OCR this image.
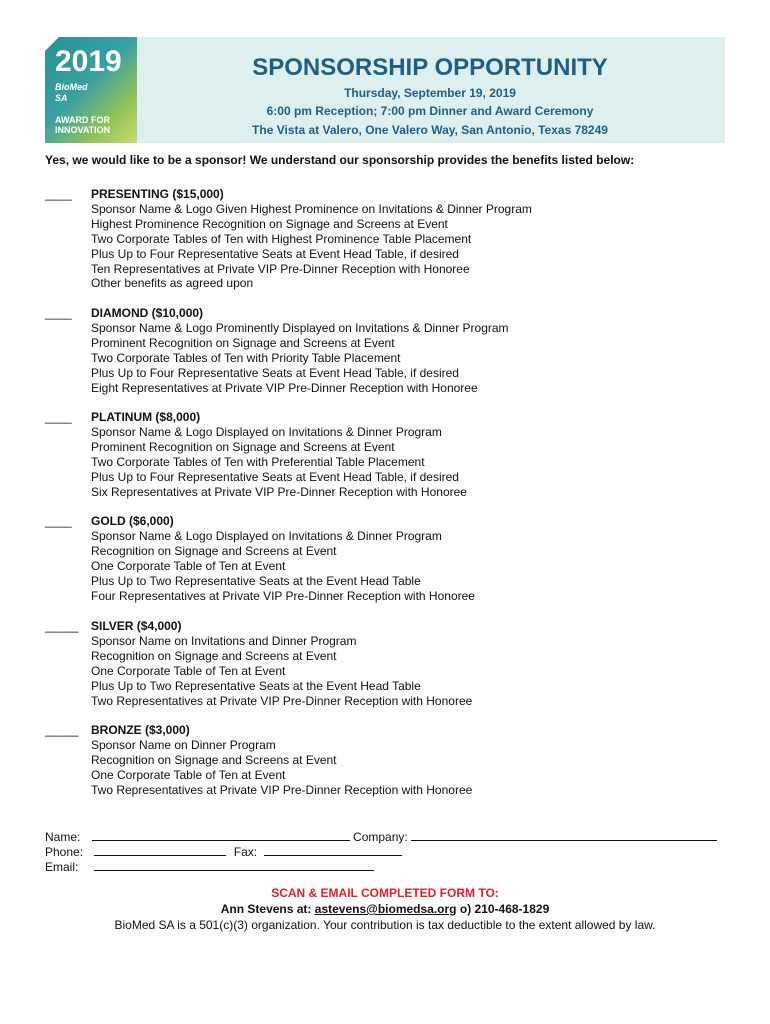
2019
BioMed
SA
AWARD FOR
INNOVATION
SPONSORSHIP OPPORTUNITY
Thursday, September 19, 2019
6:00 pm Reception; 7:00 pm Dinner and Award Ceremony
The Vista at Valero, One Valero Way, San Antonio, Texas 78249
Yes, we would like to be a sponsor! We understand our sponsorship provides the benefits listed below:
____ PRESENTING ($15,000)
Sponsor Name & Logo Given Highest Prominence on Invitations & Dinner Program
Highest Prominence Recognition on Signage and Screens at Event
Two Corporate Tables of Ten with Highest Prominence Table Placement
Plus Up to Four Representative Seats at Event Head Table, if desired
Ten Representatives at Private VIP Pre-Dinner Reception with Honoree
Other benefits as agreed upon
____ DIAMOND ($10,000)
Sponsor Name & Logo Prominently Displayed on Invitations & Dinner Program
Prominent Recognition on Signage and Screens at Event
Two Corporate Tables of Ten with Priority Table Placement
Plus Up to Four Representative Seats at Event Head Table, if desired
Eight Representatives at Private VIP Pre-Dinner Reception with Honoree
____ PLATINUM ($8,000)
Sponsor Name & Logo Displayed on Invitations & Dinner Program
Prominent Recognition on Signage and Screens at Event
Two Corporate Tables of Ten with Preferential Table Placement
Plus Up to Four Representative Seats at Event Head Table, if desired
Six Representatives at Private VIP Pre-Dinner Reception with Honoree
____ GOLD ($6,000)
Sponsor Name & Logo Displayed on Invitations & Dinner Program
Recognition on Signage and Screens at Event
One Corporate Table of Ten at Event
Plus Up to Two Representative Seats at the Event Head Table
Four Representatives at Private VIP Pre-Dinner Reception with Honoree
_____ SILVER ($4,000)
Sponsor Name on Invitations and Dinner Program
Recognition on Signage and Screens at Event
One Corporate Table of Ten at Event
Plus Up to Two Representative Seats at the Event Head Table
Two Representatives at Private VIP Pre-Dinner Reception with Honoree
_____ BRONZE ($3,000)
Sponsor Name on Dinner Program
Recognition on Signage and Screens at Event
One Corporate Table of Ten at Event
Two Representatives at Private VIP Pre-Dinner Reception with Honoree
Name:	Company:
Phone:	Fax:
Email:
SCAN & EMAIL COMPLETED FORM TO:
Ann Stevens at: astevens@biomedsa.org o) 210-468-1829
BioMed SA is a 501(c)(3) organization. Your contribution is tax deductible to the extent allowed by law.
